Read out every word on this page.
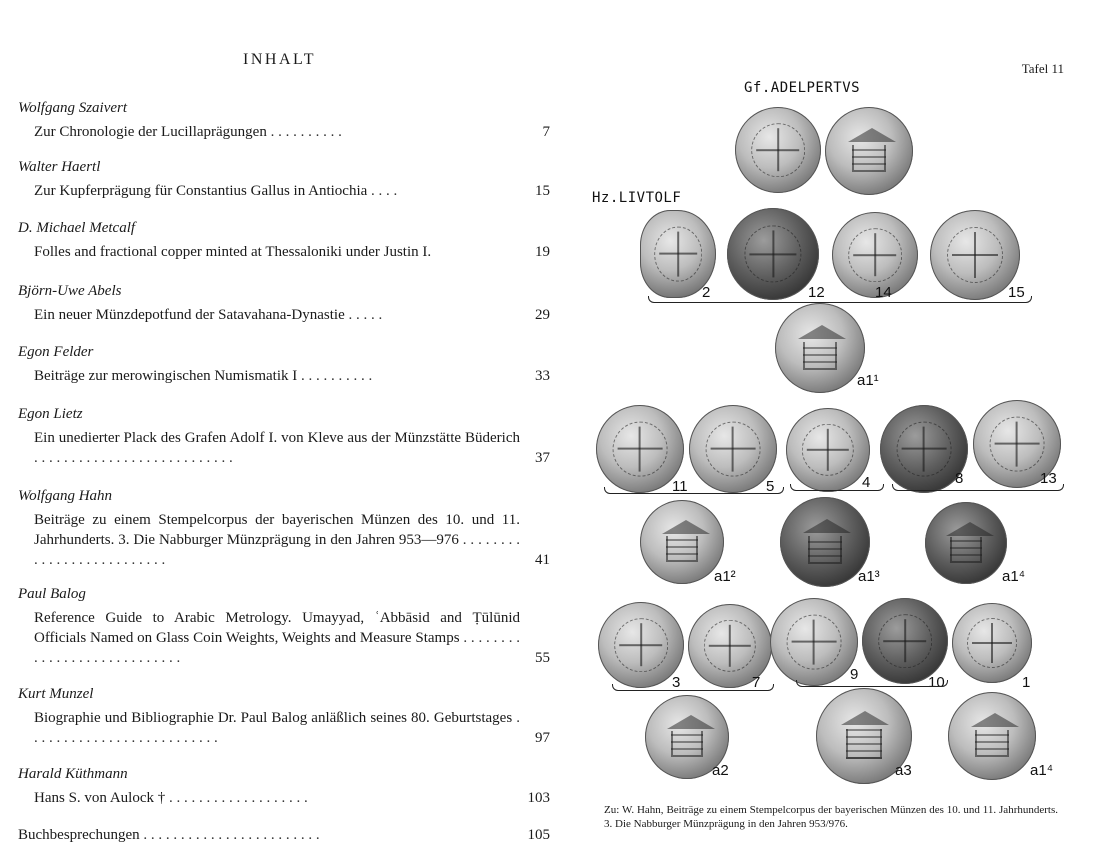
INHALT
Wolfgang Szaivert
Zur Chronologie der Lucillaprägungen . . . . . . . . . .	7
Walter Haertl
Zur Kupferprägung für Constantius Gallus in Antiochia . . . .	15
D. Michael Metcalf
Folles and fractional copper minted at Thessaloniki under Justin I.	19
Björn-Uwe Abels
Ein neuer Münzdepotfund der Satavahana-Dynastie . . . . .	29
Egon Felder
Beiträge zur merowingischen Numismatik I . . . . . . . . . .	33
Egon Lietz
Ein unedierter Plack des Grafen Adolf I. von Kleve aus der Münzstätte Büderich . . . . . . . . . . . . . . . . . . . . . . . . . . .	37
Wolfgang Hahn
Beiträge zu einem Stempelcorpus der bayerischen Münzen des 10. und 11. Jahrhunderts. 3. Die Nabburger Münzprägung in den Jahren 953—976 . . . . . . . . . . . . . . . . . . . . . . . . . .	41
Paul Balog
Reference Guide to Arabic Metrology. Umayyad, ʿAbbāsid and Ṭūlūnid Officials Named on Glass Coin Weights, Weights and Measure Stamps . . . . . . . . . . . . . . . . . . . . . . . . . . . .	55
Kurt Munzel
Biographie und Bibliographie Dr. Paul Balog anläßlich seines 80. Geburtstages . . . . . . . . . . . . . . . . . . . . . . . . . .	97
Harald Küthmann
Hans S. von Aulock † . . . . . . . . . . . . . . . . . . .	103
Buchbesprechungen . . . . . . . . . . . . . . . . . . . . . . . .	105
Tafel 11
Gf.ADELPERTVS
Hz.LIVTOLF
2	12	14	15
a1¹
11	5	4	8	13
a1²	a1³	a1⁴
3	7	9	10	1
a2	a3	a1⁴
Zu: W. Hahn, Beiträge zu einem Stempelcorpus der bayerischen Münzen des 10. und 11. Jahrhunderts. 3. Die Nabburger Münzprägung in den Jahren 953/976.
